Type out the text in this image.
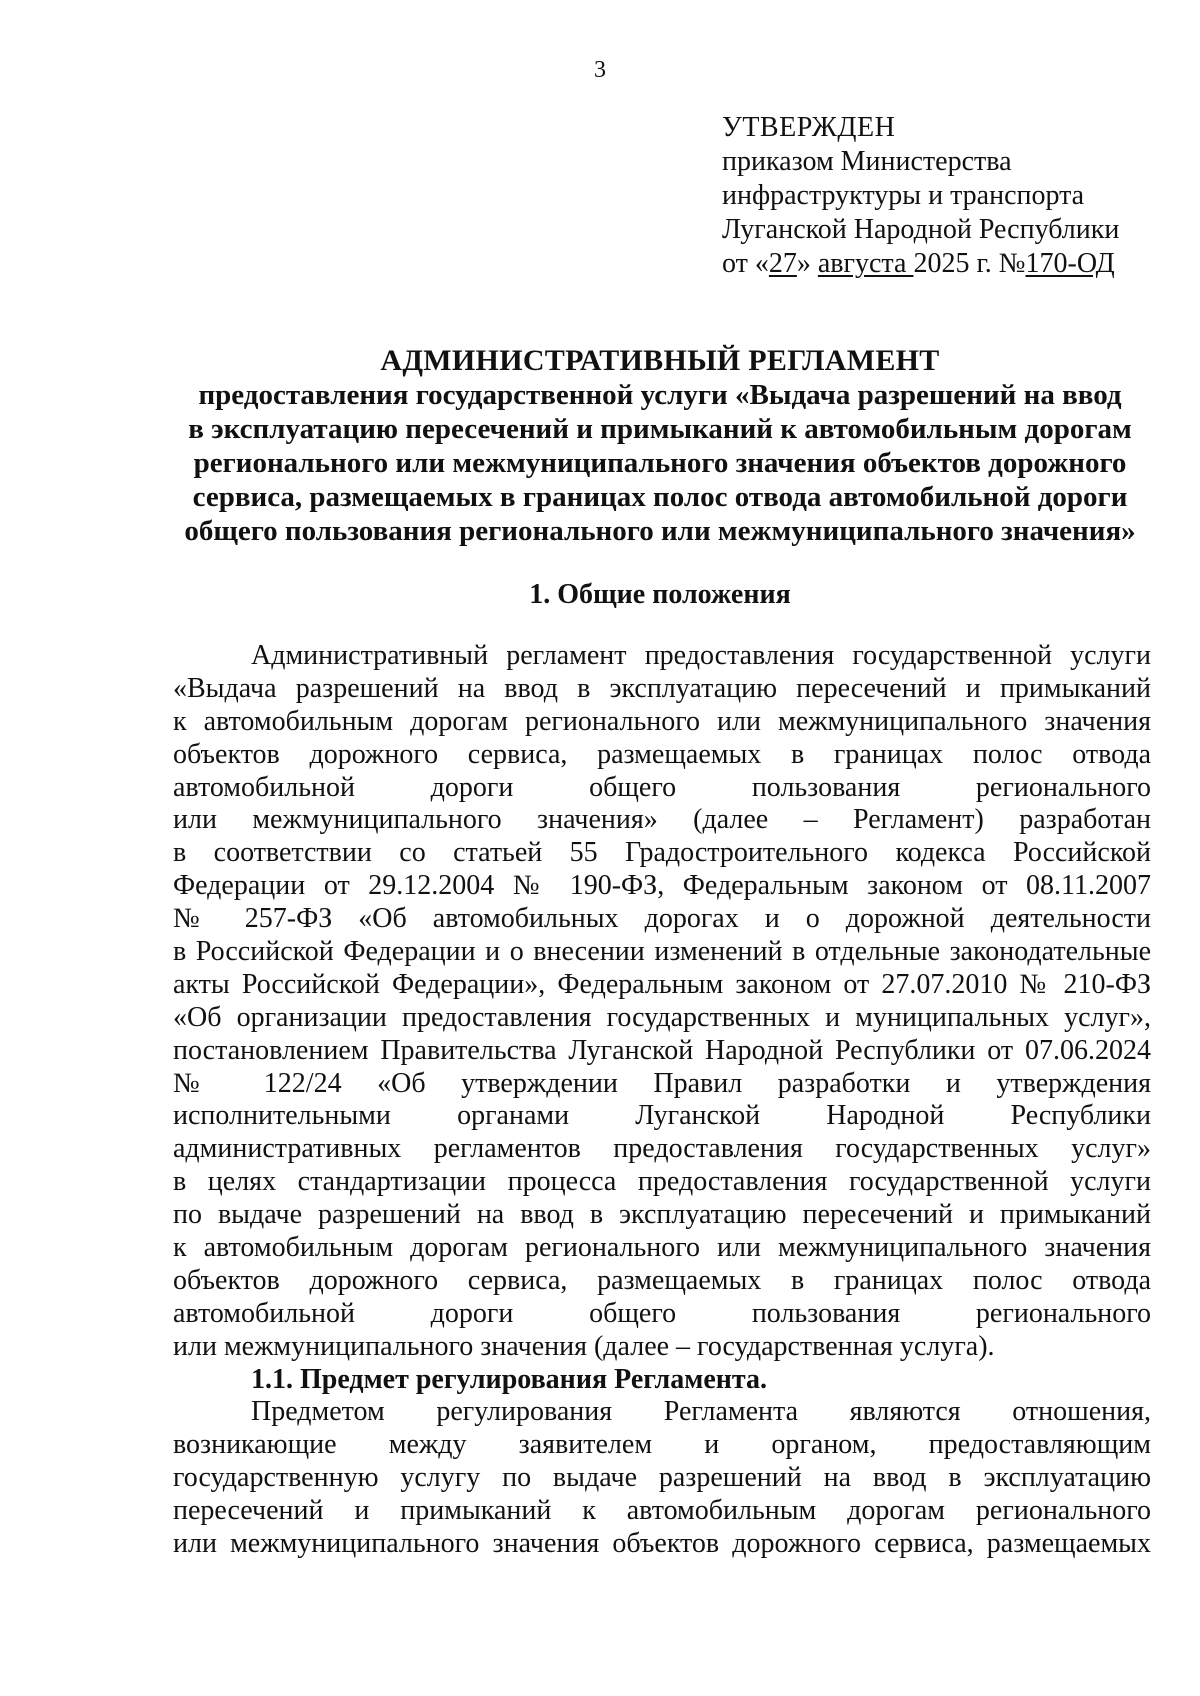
3
УТВЕРЖДЕН
приказом Министерства
инфраструктуры и транспорта
Луганской Народной Республики
от «27» августа 2025 г. №170-ОД
АДМИНИСТРАТИВНЫЙ РЕГЛАМЕНТ
предоставления государственной услуги «Выдача разрешений на ввод
в эксплуатацию пересечений и примыканий к автомобильным дорогам
регионального или межмуниципального значения объектов дорожного
сервиса, размещаемых в границах полос отвода автомобильной дороги
общего пользования регионального или межмуниципального значения»
1. Общие положения
Административный регламент предоставления государственной услуги
«Выдача разрешений на ввод в эксплуатацию пересечений и примыканий
к автомобильным дорогам регионального или межмуниципального значения
объектов дорожного сервиса, размещаемых в границах полос отвода
автомобильной дороги общего пользования регионального
или межмуниципального значения» (далее – Регламент) разработан
в соответствии со статьей 55 Градостроительного кодекса Российской
Федерации от 29.12.2004 № 190-ФЗ, Федеральным законом от 08.11.2007
№ 257-ФЗ «Об автомобильных дорогах и о дорожной деятельности
в Российской Федерации и о внесении изменений в отдельные законодательные
акты Российской Федерации», Федеральным законом от 27.07.2010 № 210-ФЗ
«Об организации предоставления государственных и муниципальных услуг»,
постановлением Правительства Луганской Народной Республики от 07.06.2024
№ 122/24 «Об утверждении Правил разработки и утверждения
исполнительными органами Луганской Народной Республики
административных регламентов предоставления государственных услуг»
в целях стандартизации процесса предоставления государственной услуги
по выдаче разрешений на ввод в эксплуатацию пересечений и примыканий
к автомобильным дорогам регионального или межмуниципального значения
объектов дорожного сервиса, размещаемых в границах полос отвода
автомобильной дороги общего пользования регионального
или межмуниципального значения (далее – государственная услуга).
1.1. Предмет регулирования Регламента.
Предметом регулирования Регламента являются отношения,
возникающие между заявителем и органом, предоставляющим
государственную услугу по выдаче разрешений на ввод в эксплуатацию
пересечений и примыканий к автомобильным дорогам регионального
или межмуниципального значения объектов дорожного сервиса, размещаемых
